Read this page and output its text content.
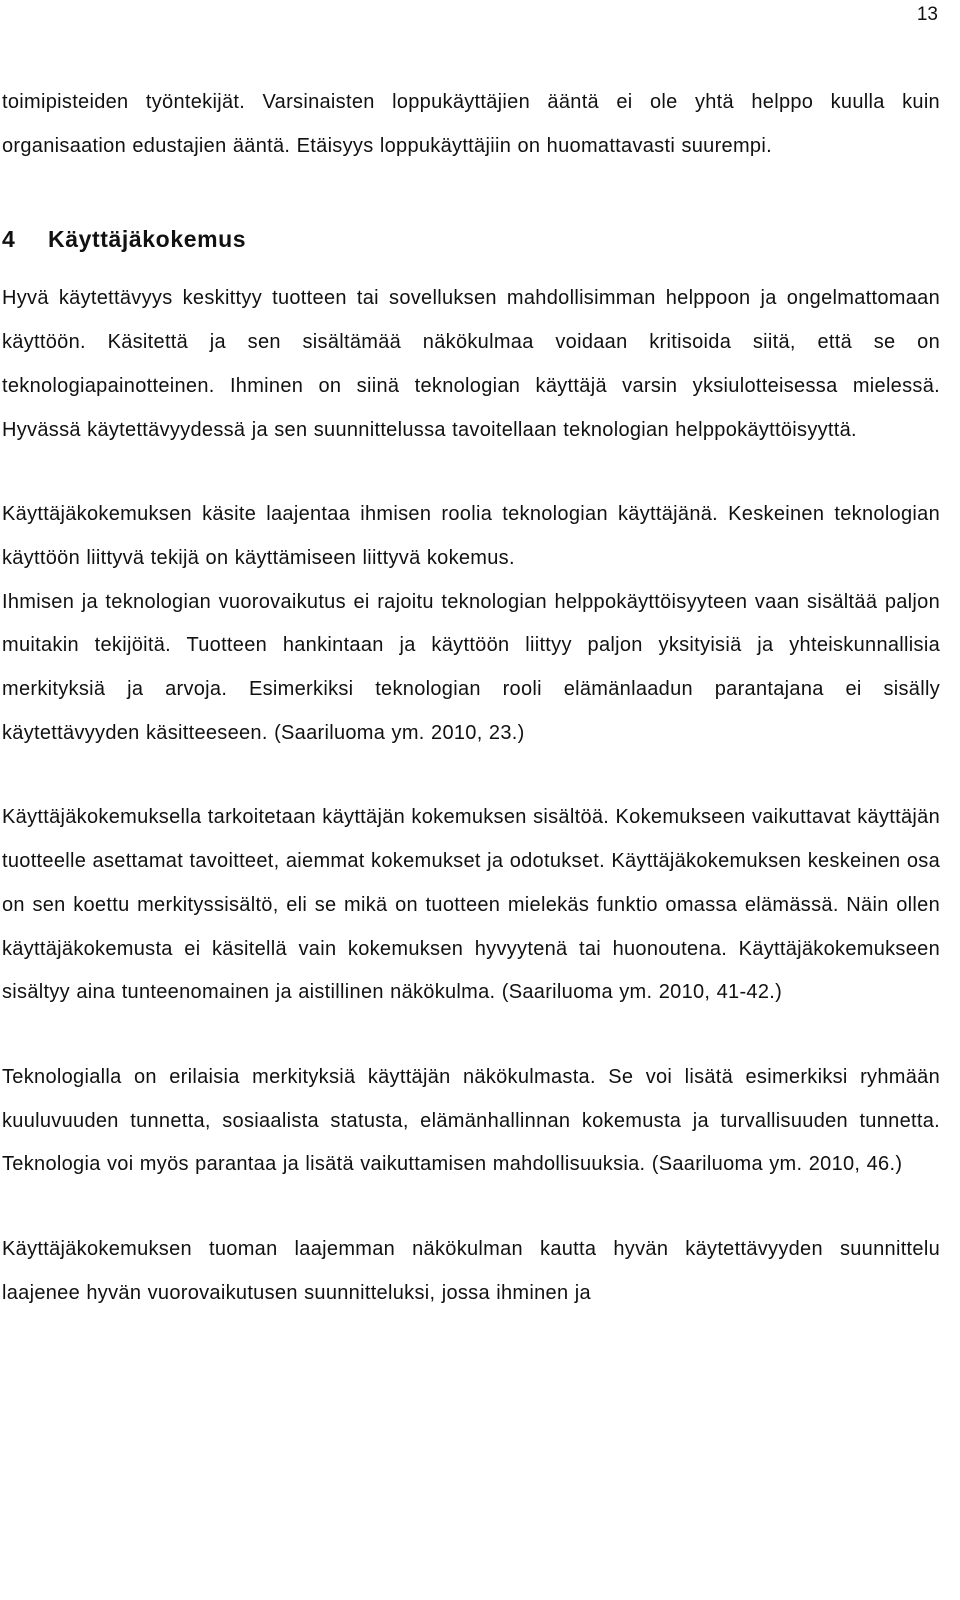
13

toimipisteiden työntekijät. Varsinaisten loppukäyttäjien ääntä ei ole yhtä helppo kuulla kuin organisaation edustajien ääntä. Etäisyys loppukäyttäjiin on huomattavasti suurempi.

4 Käyttäjäkokemus

Hyvä käytettävyys keskittyy tuotteen tai sovelluksen mahdollisimman helppoon ja ongelmattomaan käyttöön. Käsitettä ja sen sisältämää näkökulmaa voidaan kritisoida siitä, että se on teknologiapainotteinen. Ihminen on siinä teknologian käyttäjä varsin yksiulotteisessa mielessä. Hyvässä käytettävyydessä ja sen suunnittelussa tavoitellaan teknologian helppokäyttöisyyttä.

Käyttäjäkokemuksen käsite laajentaa ihmisen roolia teknologian käyttäjänä. Keskeinen teknologian käyttöön liittyvä tekijä on käyttämiseen liittyvä kokemus.

Ihmisen ja teknologian vuorovaikutus ei rajoitu teknologian helppokäyttöisyyteen vaan sisältää paljon muitakin tekijöitä. Tuotteen hankintaan ja käyttöön liittyy paljon yksityisiä ja yhteiskunnallisia merkityksiä ja arvoja. Esimerkiksi teknologian rooli elämänlaadun parantajana ei sisälly käytettävyyden käsitteeseen. (Saariluoma ym. 2010, 23.)

Käyttäjäkokemuksella tarkoitetaan käyttäjän kokemuksen sisältöä. Kokemukseen vaikuttavat käyttäjän tuotteelle asettamat tavoitteet, aiemmat kokemukset ja odotukset. Käyttäjäkokemuksen keskeinen osa on sen koettu merkityssisältö, eli se mikä on tuotteen mielekäs funktio omassa elämässä. Näin ollen käyttäjäkokemusta ei käsitellä vain kokemuksen hyvyytenä tai huonoutena. Käyttäjäkokemukseen sisältyy aina tunteenomainen ja aistillinen näkökulma. (Saariluoma ym. 2010, 41-42.)

Teknologialla on erilaisia merkityksiä käyttäjän näkökulmasta. Se voi lisätä esimerkiksi ryhmään kuuluvuuden tunnetta, sosiaalista statusta, elämänhallinnan kokemusta ja turvallisuuden tunnetta. Teknologia voi myös parantaa ja lisätä vaikuttamisen mahdollisuuksia. (Saariluoma ym. 2010, 46.)

Käyttäjäkokemuksen tuoman laajemman näkökulman kautta hyvän käytettävyyden suunnittelu laajenee hyvän vuorovaikutusen suunnitteluksi, jossa ihminen ja
